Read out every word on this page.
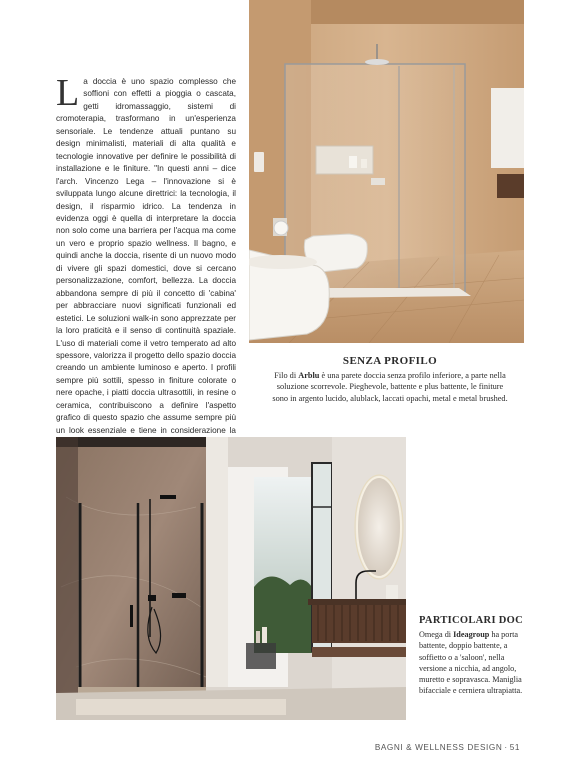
La doccia è uno spazio complesso che soffioni con effetti a pioggia o cascata, getti idromassaggio, sistemi di cromoterapia, trasformano in un'esperienza sensoriale. Le tendenze attuali puntano su design minimalisti, materiali di alta qualità e tecnologie innovative per definire le possibilità di installazione e le finiture. "In questi anni – dice l'arch. Vincenzo Lega – l'innovazione si è sviluppata lungo alcune direttrici: la tecnologia, il design, il risparmio idrico. La tendenza in evidenza oggi è quella di interpretare la doccia non solo come una barriera per l'acqua ma come un vero e proprio spazio wellness. Il bagno, e quindi anche la doccia, risente di un nuovo modo di vivere gli spazi domestici, dove si cercano personalizzazione, comfort, bellezza. La doccia abbandona sempre di più il concetto di 'cabina' per abbracciare nuovi significati funzionali ed estetici. Le soluzioni walk-in sono apprezzate per la loro praticità e il senso di continuità spaziale. L'uso di materiali come il vetro temperato ad alto spessore, valorizza il progetto dello spazio doccia creando un ambiente luminoso e aperto. I profili sempre più sottili, spesso in finiture colorate o nere opache, i piatti doccia ultrasottili, in resine o ceramica, contribuiscono a definire l'aspetto grafico di questo spazio che assume sempre più un look essenziale e tiene in considerazione la

SENZA PROFILO

Filo di Arblu è una parete doccia senza profilo inferiore, a parte nella soluzione scorrevole. Pieghevole, battente e plus battente, le finiture sono in argento lucido, alublack, laccati opachi, metal e metal brushed.

PARTICOLARI DOC

Omega di Ideagroup ha porta battente, doppio battente, a soffietto o a 'saloon', nella versione a nicchia, ad angolo, muretto e sopravasca. Maniglia bifacciale e cerniera ultrapiatta.

BAGNI & WELLNESS DESIGN · 51
